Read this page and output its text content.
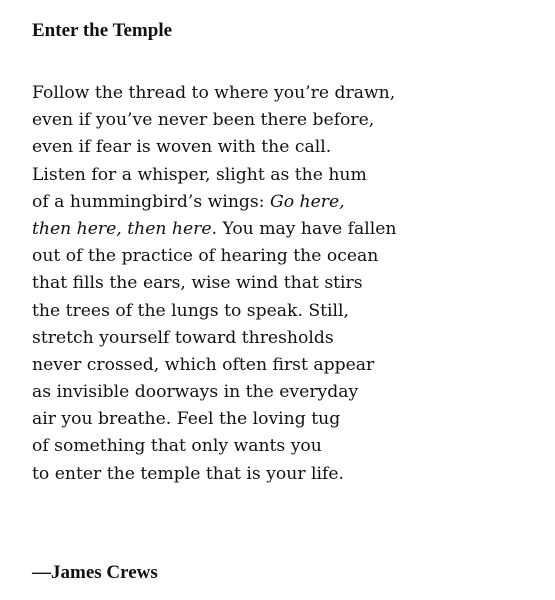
Enter the Temple
Follow the thread to where you’re drawn,
even if you’ve never been there before,
even if fear is woven with the call.
Listen for a whisper, slight as the hum
of a hummingbird’s wings: Go here,
then here, then here. You may have fallen
out of the practice of hearing the ocean
that fills the ears, wise wind that stirs
the trees of the lungs to speak. Still,
stretch yourself toward thresholds
never crossed, which often first appear
as invisible doorways in the everyday
air you breathe. Feel the loving tug
of something that only wants you
to enter the temple that is your life.

—James Crews
